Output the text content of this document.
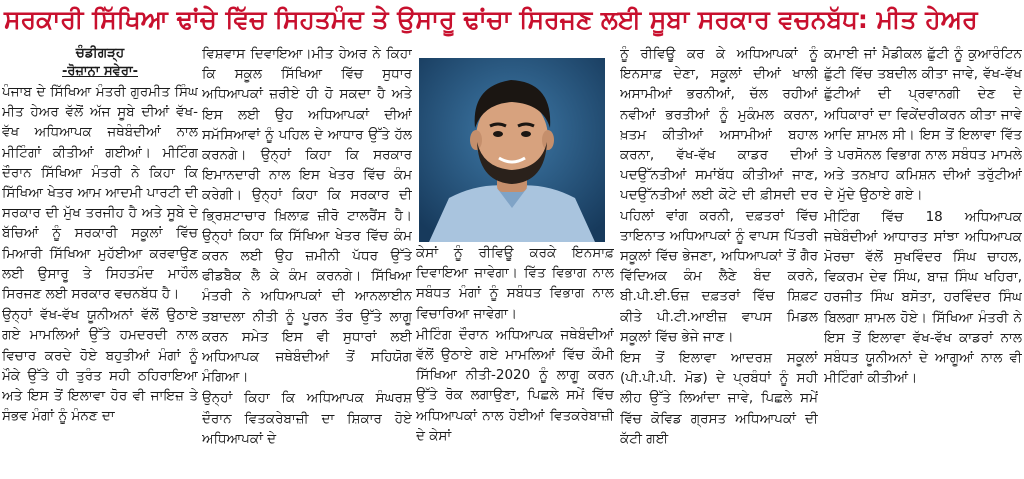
ਸਰਕਾਰੀ ਸਿੱਖਿਆ ਢਾਂਚੇ ਵਿੱਚ ਸਿਹਤਮੰਦ ਤੇ ਉਸਾਰੂ ਢਾਂਚਾ ਸਿਰਜਣ ਲਈ ਸੂਬਾ ਸਰਕਾਰ ਵਚਨਬੱਧ: ਮੀਤ ਹੇਅਰ
ਚੰਡੀਗੜ੍ਹ
-ਰੋਜ਼ਾਨਾ ਸਵੇਰਾ-

ਪੰਜਾਬ ਦੇ ਸਿੱਖਿਆ ਮੰਤਰੀ ਗੁਰਮੀਤ ਸਿੰਘ ਮੀਤ ਹੇਅਰ ਵੱਲੋਂ ਅੱਜ ਸੂਬੇ ਦੀਆਂ ਵੱਖ-ਵੱਖ ਅਧਿਆਪਕ ਜਥੇਬੰਦੀਆਂ ਨਾਲ ਮੀਟਿੰਗਾਂ ਕੀਤੀਆਂ ਗਈਆਂ। ਮੀਟਿੰਗ ਦੌਰਾਨ ਸਿੱਖਿਆ ਮੰਤਰੀ ਨੇ ਕਿਹਾ ਕਿ ਸਿੱਖਿਆ ਖੇਤਰ ਆਮ ਆਦਮੀ ਪਾਰਟੀ ਦੀ ਸਰਕਾਰ ਦੀ ਮੁੱਖ ਤਰਜੀਹ ਹੈ ਅਤੇ ਸੂਬੇ ਦੇ ਬੱਚਿਆਂ ਨੂੰ ਸਰਕਾਰੀ ਸਕੂਲਾਂ ਵਿੱਚ ਮਿਆਰੀ ਸਿੱਖਿਆ ਮੁਹੱਈਆ ਕਰਵਾਉਣ ਲਈ ਉਸਾਰੂ ਤੇ ਸਿਹਤਮੰਦ ਮਾਹੌਲ ਸਿਰਜਣ ਲਈ ਸਰਕਾਰ ਵਚਨਬੱਧ ਹੈ।

ਉਨ੍ਹਾਂ ਵੱਖ-ਵੱਖ ਯੂਨੀਅਨਾਂ ਵੱਲੋਂ ਉਠਾਏ ਗਏ ਮਾਮਲਿਆਂ ਉੱਤੇ ਹਮਦਰਦੀ ਨਾਲ ਵਿਚਾਰ ਕਰਦੇ ਹੋਏ ਬਹੁਤੀਆਂ ਮੰਗਾਂ ਨੂੰ ਮੌਕੇ ਉੱਤੇ ਹੀ ਤੁਰੰਤ ਸਹੀ ਠਹਿਰਾਇਆ ਅਤੇ ਇਸ ਤੋਂ ਇਲਾਵਾ ਹੋਰ ਵੀ ਜਾਇਜ਼ ਤੇ ਸੰਭਵ ਮੰਗਾਂ ਨੂੰ ਮੰਨਣ ਦਾ

ਵਿਸ਼ਵਾਸ ਦਿਵਾਇਆ।ਮੀਤ ਹੇਅਰ ਨੇ ਕਿਹਾ ਕਿ ਸਕੂਲ ਸਿੱਖਿਆ ਵਿੱਚ ਸੁਧਾਰ ਅਧਿਆਪਕਾਂ ਜ਼ਰੀਏ ਹੀ ਹੋ ਸਕਦਾ ਹੈ ਅਤੇ ਇਸ ਲਈ ਉਹ ਅਧਿਆਪਕਾਂ ਦੀਆਂ ਸਮੱਸਿਆਵਾਂ ਨੂੰ ਪਹਿਲ ਦੇ ਆਧਾਰ ਉੱਤੇ ਹੱਲ ਕਰਨਗੇ। ਉਨ੍ਹਾਂ ਕਿਹਾ ਕਿ ਸਰਕਾਰ ਇਮਾਨਦਾਰੀ ਨਾਲ ਇਸ ਖੇਤਰ ਵਿੱਚ ਕੰਮ ਕਰੇਗੀ। ਉਨ੍ਹਾਂ ਕਿਹਾ ਕਿ ਸਰਕਾਰ ਦੀ ਭ੍ਰਿਸ਼ਟਾਚਾਰ ਖ਼ਿਲਾਫ਼ ਜ਼ੀਰੋ ਟਾਲਰੈਂਸ ਹੈ। ਉਨ੍ਹਾਂ ਕਿਹਾ ਕਿ ਸਿੱਖਿਆ ਖੇਤਰ ਵਿੱਚ ਕੰਮ ਕਰਨ ਲਈ ਉਹ ਜ਼ਮੀਨੀ ਪੱਧਰ ਉੱਤੇ ਫੀਡਬੈਕ ਲੈ ਕੇ ਕੰਮ ਕਰਨਗੇ। ਸਿੱਖਿਆ ਮੰਤਰੀ ਨੇ ਅਧਿਆਪਕਾਂ ਦੀ ਆਨਲਾਈਨ ਤਬਾਦਲਾ ਨੀਤੀ ਨੂੰ ਪੂਰਨ ਤੌਰ ਉੱਤੇ ਲਾਗੂ ਕਰਨ ਸਮੇਤ ਇਸ ਵੀ ਸੁਧਾਰਾਂ ਲਈ ਅਧਿਆਪਕ ਜਥੇਬੰਦੀਆਂ ਤੋਂ ਸਹਿਯੋਗ ਮੰਗਿਆ।

ਉਨ੍ਹਾਂ ਕਿਹਾ ਕਿ ਅਧਿਆਪਕ ਸੰਘਰਸ਼ ਦੌਰਾਨ ਵਿਤਕਰੇਬਾਜ਼ੀ ਦਾ ਸ਼ਿਕਾਰ ਹੋਏ ਅਧਿਆਪਕਾਂ ਦੇ

ਕੇਸਾਂ ਨੂੰ ਰੀਵਿਊ ਕਰਕੇ ਇਨਸਾਫ਼ ਦਿਵਾਇਆ ਜਾਵੇਗਾ। ਵਿੱਤ ਵਿਭਾਗ ਨਾਲ ਸਬੰਧਤ ਮੰਗਾਂ ਨੂੰ ਸਬੰਧਤ ਵਿਭਾਗ ਨਾਲ ਵਿਚਾਰਿਆ ਜਾਵੇਗਾ।

ਮੀਟਿੰਗ ਦੌਰਾਨ ਅਧਿਆਪਕ ਜਥੇਬੰਦੀਆਂ ਵੱਲੋਂ ਉਠਾਏ ਗਏ ਮਾਮਲਿਆਂ ਵਿੱਚ ਕੌਮੀ ਸਿੱਖਿਆ ਨੀਤੀ-2020 ਨੂੰ ਲਾਗੂ ਕਰਨ ਉੱਤੇ ਰੋਕ ਲਗਾਉਣਾ, ਪਿਛਲੇ ਸਮੇਂ ਵਿੱਚ ਅਧਿਆਪਕਾਂ ਨਾਲ ਹੋਈਆਂ ਵਿਤਕਰੇਬਾਜ਼ੀ ਦੇ ਕੇਸਾਂ

ਨੂੰ ਰੀਵਿਊ ਕਰ ਕੇ ਅਧਿਆਪਕਾਂ ਨੂੰ ਇਨਸਾਫ਼ ਦੇਣਾ, ਸਕੂਲਾਂ ਦੀਆਂ ਖਾਲੀ ਅਸਾਮੀਆਂ ਭਰਨੀਆਂ, ਚੱਲ ਰਹੀਆਂ ਨਵੀਆਂ ਭਰਤੀਆਂ ਨੂੰ ਮੁਕੰਮਲ ਕਰਨਾ, ਖ਼ਤਮ ਕੀਤੀਆਂ ਅਸਾਮੀਆਂ ਬਹਾਲ ਕਰਨਾ, ਵੱਖ-ਵੱਖ ਕਾਡਰ ਦੀਆਂ ਪਦਉੱਨਤੀਆਂ ਸਮਾਂਬੱਧ ਕੀਤੀਆਂ ਜਾਣ, ਪਦਉੱਨਤੀਆਂ ਲਈ ਕੋਟੇ ਦੀ ਫ਼ੀਸਦੀ ਦਰ ਪਹਿਲਾਂ ਵਾਂਗ ਕਰਨੀ, ਦਫ਼ਤਰਾਂ ਵਿੱਚ ਤਾਇਨਾਤ ਅਧਿਆਪਕਾਂ ਨੂੰ ਵਾਪਸ ਪਿੱਤਰੀ ਸਕੂਲਾਂ ਵਿੱਚ ਭੇਜਣਾ, ਅਧਿਆਪਕਾਂ ਤੋਂ ਗੈਰ ਵਿੱਦਿਅਕ ਕੰਮ ਲੈਣੇ ਬੰਦ ਕਰਨੇ, ਬੀ.ਪੀ.ਈ.ਓਜ਼ ਦਫ਼ਤਰਾਂ ਵਿੱਚ ਸ਼ਿਫ਼ਟ ਕੀਤੇ ਪੀ.ਟੀ.ਆਈਜ਼ ਵਾਪਸ ਮਿਡਲ ਸਕੂਲਾਂ ਵਿੱਚ ਭੇਜੇ ਜਾਣ।

ਇਸ ਤੋਂ ਇਲਾਵਾ ਆਦਰਸ਼ ਸਕੂਲਾਂ (ਪੀ.ਪੀ.ਪੀ. ਮੋਡ) ਦੇ ਪ੍ਰਬੰਧਾਂ ਨੂੰ ਸਹੀ ਲੀਹ ਉੱਤੇ ਲਿਆਂਦਾ ਜਾਵੇ, ਪਿਛਲੇ ਸਮੇਂ ਵਿੱਚ ਕੋਵਿਡ ਗ੍ਰਸਤ ਅਧਿਆਪਕਾਂ ਦੀ ਕੱਟੀ ਗਈ

ਕਮਾਈ ਜਾਂ ਮੈਡੀਕਲ ਛੁੱਟੀ ਨੂੰ ਕੁਆਰੰਟਿਨ ਛੁੱਟੀ ਵਿੱਚ ਤਬਦੀਲ ਕੀਤਾ ਜਾਵੇ, ਵੱਖ-ਵੱਖ ਛੁੱਟੀਆਂ ਦੀ ਪ੍ਰਵਾਨਗੀ ਦੇਣ ਦੇ ਅਧਿਕਾਰਾਂ ਦਾ ਵਿਕੇਂਦਰੀਕਰਨ ਕੀਤਾ ਜਾਵੇ ਆਦਿ ਸ਼ਾਮਲ ਸੀ। ਇਸ ਤੋਂ ਇਲਾਵਾ ਵਿੱਤ ਤੇ ਪਰਸੋਨਲ ਵਿਭਾਗ ਨਾਲ ਸਬੰਧਤ ਮਾਮਲੇ ਅਤੇ ਤਨਖ਼ਾਹ ਕਮਿਸ਼ਨ ਦੀਆਂ ਤਰੁੱਟੀਆਂ ਦੇ ਮੁੱਦੇ ਉਠਾਏ ਗਏ।

ਮੀਟਿੰਗ ਵਿੱਚ 18 ਅਧਿਆਪਕ ਜਥੇਬੰਦੀਆਂ ਆਧਾਰਤ ਸਾਂਝਾ ਅਧਿਆਪਕ ਮੋਰਚਾ ਵੱਲੋਂ ਸੁਖਵਿੰਦਰ ਸਿੰਘ ਚਾਹਲ, ਵਿਕਰਮ ਦੇਵ ਸਿੰਘ, ਬਾਜ਼ ਸਿੰਘ ਖਹਿਰਾ, ਹਰਜੀਤ ਸਿੰਘ ਬਸੋਤਾ, ਹਰਵਿੰਦਰ ਸਿੰਘ ਬਿਲਗਾ ਸ਼ਾਮਲ ਹੋਏ। ਸਿੱਖਿਆ ਮੰਤਰੀ ਨੇ ਇਸ ਤੋਂ ਇਲਾਵਾ ਵੱਖ-ਵੱਖ ਕਾਡਰਾਂ ਨਾਲ ਸਬੰਧਤ ਯੂਨੀਅਨਾਂ ਦੇ ਆਗੂਆਂ ਨਾਲ ਵੀ ਮੀਟਿੰਗਾਂ ਕੀਤੀਆਂ।
